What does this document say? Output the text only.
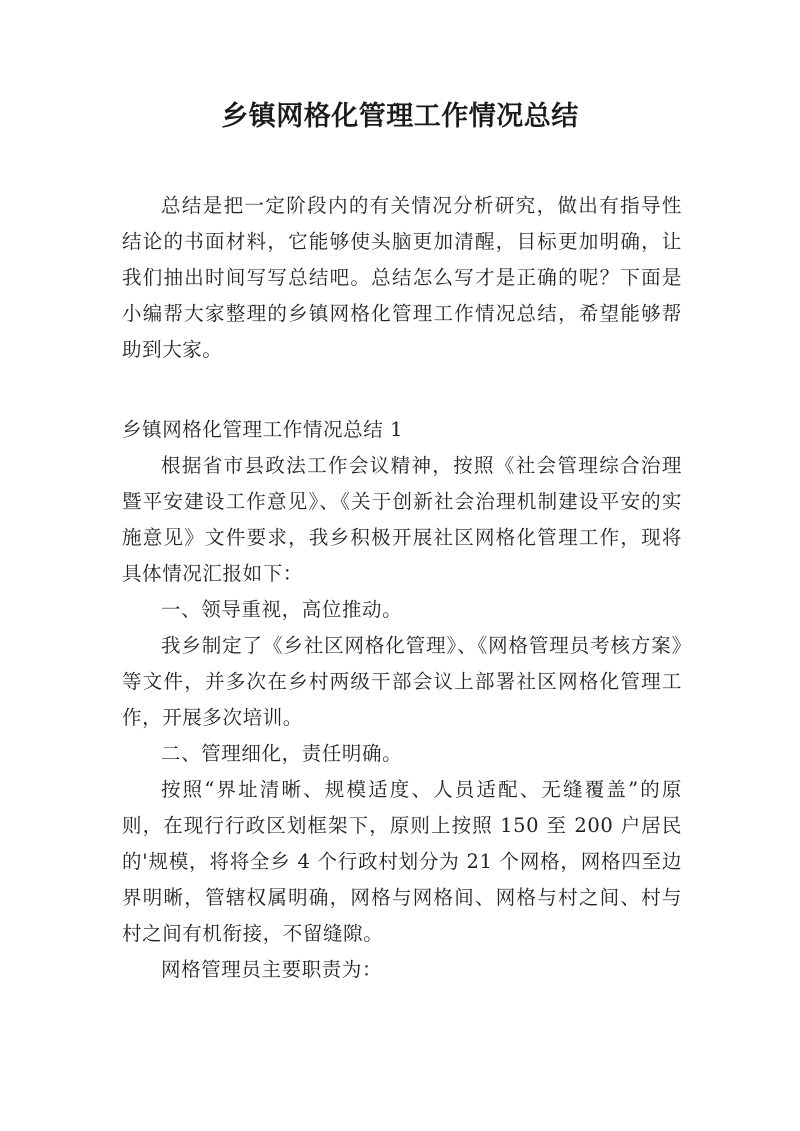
乡镇网格化管理工作情况总结

总结是把一定阶段内的有关情况分析研究，做出有指导性结论的书面材料，它能够使头脑更加清醒，目标更加明确，让我们抽出时间写写总结吧。总结怎么写才是正确的呢？下面是小编帮大家整理的乡镇网格化管理工作情况总结，希望能够帮助到大家。

乡镇网格化管理工作情况总结 1

根据省市县政法工作会议精神，按照《社会管理综合治理暨平安建设工作意见》、《关于创新社会治理机制建设平安的实施意见》文件要求，我乡积极开展社区网格化管理工作，现将具体情况汇报如下：

一、领导重视，高位推动。

我乡制定了《乡社区网格化管理》、《网格管理员考核方案》等文件，并多次在乡村两级干部会议上部署社区网格化管理工作，开展多次培训。

二、管理细化，责任明确。

按照“界址清晰、规模适度、人员适配、无缝覆盖”的原则，在现行行政区划框架下，原则上按照 150 至 200 户居民的'规模，将将全乡 4 个行政村划分为 21 个网格，网格四至边界明晰，管辖权属明确，网格与网格间、网格与村之间、村与村之间有机衔接，不留缝隙。

网格管理员主要职责为：
